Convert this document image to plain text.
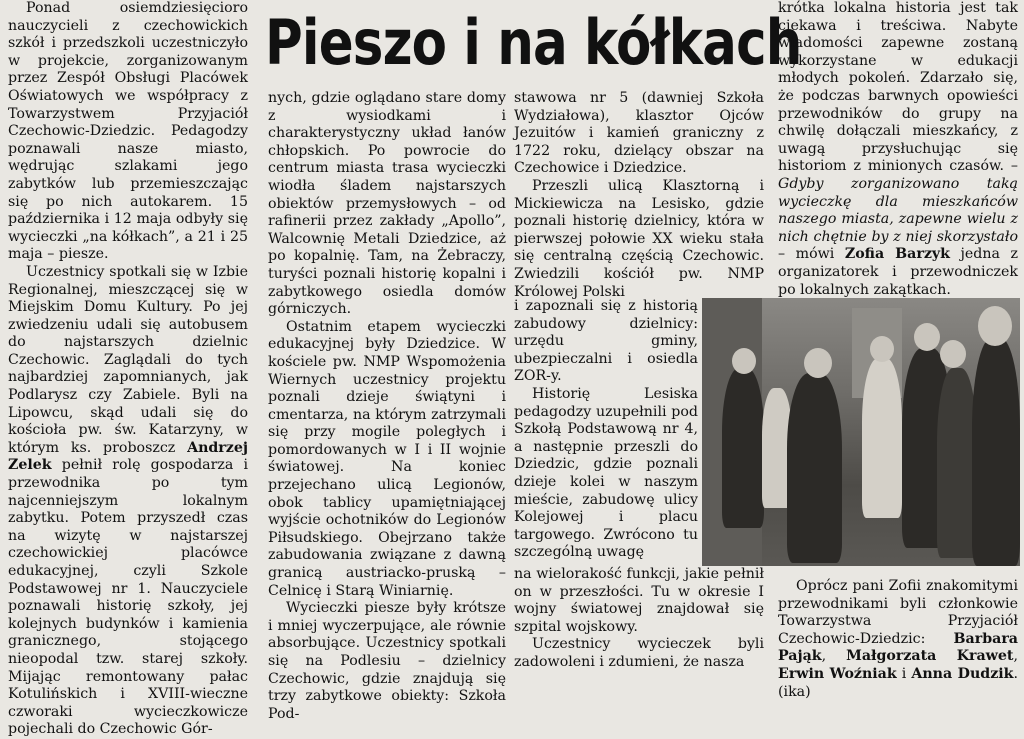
Ponad osiemdziesięcioro nauczycieli z czechowickich szkół i przedszkoli uczestniczyło w projekcie, zorganizowanym przez Zespół Obsługi Placówek Oświatowych we współpracy z Towarzystwem Przyjaciół Czechowic-Dziedzic. Pedagodzy poznawali nasze miasto, wędrując szlakami jego zabytków lub przemieszczając się po nich autokarem. 15 października i 12 maja odbyły się wycieczki „na kółkach”, a 21 i 25 maja – piesze.

Uczestnicy spotkali się w Izbie Regionalnej, mieszczącej się w Miejskim Domu Kultury. Po jej zwiedzeniu udali się autobusem do najstarszych dzielnic Czechowic. Zaglądali do tych najbardziej zapomnianych, jak Podlarysz czy Zabiele. Byli na Lipowcu, skąd udali się do kościoła pw. św. Katarzyny, w którym ks. proboszcz Andrzej Zelek pełnił rolę gospodarza i przewodnika po tym najcenniejszym lokalnym zabytku. Potem przyszedł czas na wizytę w najstarszej czechowickiej placówce edukacyjnej, czyli Szkole Podstawowej nr 1. Nauczyciele poznawali historię szkoły, jej kolejnych budynków i kamienia granicznego, stojącego nieopodal tzw. starej szkoły. Mijając remontowany pałac Kotulińskich i XVIII-wieczne czworaki wycieczkowicze pojechali do Czechowic Gór-

Pieszo i na kółkach

nych, gdzie oglądano stare domy z wysiodkami i charakterystyczny układ łanów chłopskich. Po powrocie do centrum miasta trasa wycieczki wiodła śladem najstarszych obiektów przemysłowych – od rafinerii przez zakłady „Apollo”, Walcownię Metali Dziedzice, aż po kopalnię. Tam, na Żebraczy, turyści poznali historię kopalni i zabytkowego osiedla domów górniczych.

Ostatnim etapem wycieczki edukacyjnej były Dziedzice. W kościele pw. NMP Wspomożenia Wiernych uczestnicy projektu poznali dzieje świątyni i cmentarza, na którym zatrzymali się przy mogile poległych i pomordowanych w I i II wojnie światowej. Na koniec przejechano ulicą Legionów, obok tablicy upamiętniającej wyjście ochotników do Legionów Piłsudskiego. Obejrzano także zabudowania związane z dawną granicą austriacko-pruską – Celnicę i Starą Winiarnię.

Wycieczki piesze były krótsze i mniej wyczerpujące, ale równie absorbujące. Uczestnicy spotkali się na Podlesiu – dzielnicy Czechowic, gdzie znajdują się trzy zabytkowe obiekty: Szkoła Pod-

stawowa nr 5 (dawniej Szkoła Wydziałowa), klasztor Ojców Jezuitów i kamień graniczny z 1722 roku, dzielący obszar na Czechowice i Dziedzice.

Przeszli ulicą Klasztorną i Mickiewicza na Lesisko, gdzie poznali historię dzielnicy, która w pierwszej połowie XX wieku stała się centralną częścią Czechowic. Zwiedzili kościół pw. NMP Królowej Polski

i zapoznali się z historią zabudowy dzielnicy: urzędu gminy, ubezpieczalni i osiedla ZOR-y.

Historię Lesiska pedagodzy uzupełnili pod Szkołą Podstawową nr 4, a następnie przeszli do Dziedzic, gdzie poznali dzieje kolei w naszym mieście, zabudowę ulicy Kolejowej i placu targowego. Zwrócono tu szczególną uwagę

na wielorakość funkcji, jakie pełnił on w przeszłości. Tu w okresie I wojny światowej znajdował się szpital wojskowy.

Uczestnicy wycieczek byli zadowoleni i zdumieni, że nasza

krótka lokalna historia jest tak ciekawa i treściwa. Nabyte wiadomości zapewne zostaną wykorzystane w edukacji młodych pokoleń. Zdarzało się, że podczas barwnych opowieści przewodników do grupy na chwilę dołączali mieszkańcy, z uwagą przysłuchując się historiom z minionych czasów. – Gdyby zorganizowano taką wycieczkę dla mieszkańców naszego miasta, zapewne wielu z nich chętnie by z niej skorzystało – mówi Zofia Barzyk jedna z organizatorek i przewodniczek po lokalnych zakątkach.

Oprócz pani Zofii znakomitymi przewodnikami byli członkowie Towarzystwa Przyjaciół Czechowic-Dziedzic: Barbara Pająk, Małgorzata Krawet, Erwin Woźniak i Anna Dudzik. (ika)
